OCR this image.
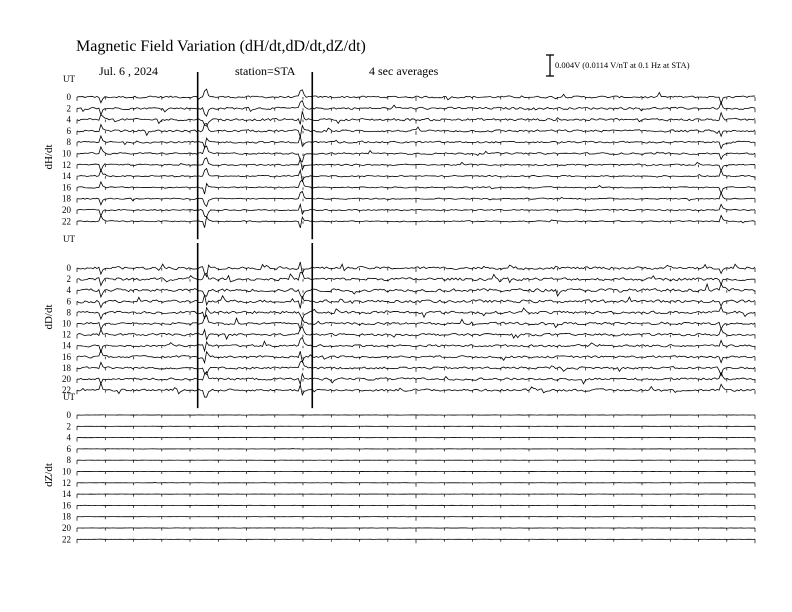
Magnetic Field Variation (dH/dt,dD/dt,dZ/dt)
Jul. 6 , 2024	station=STA	4 sec averages	0.004V (0.0114 V/nT at 0.1 Hz at STA)
UT
dH/dt
0
2
4
6
8
10
12
14
16
18
20
22
UT
dD/dt
0
2
4
6
8
10
12
14
16
18
20
22
UT
dZ/dt
0
2
4
6
8
10
12
14
16
18
20
22
